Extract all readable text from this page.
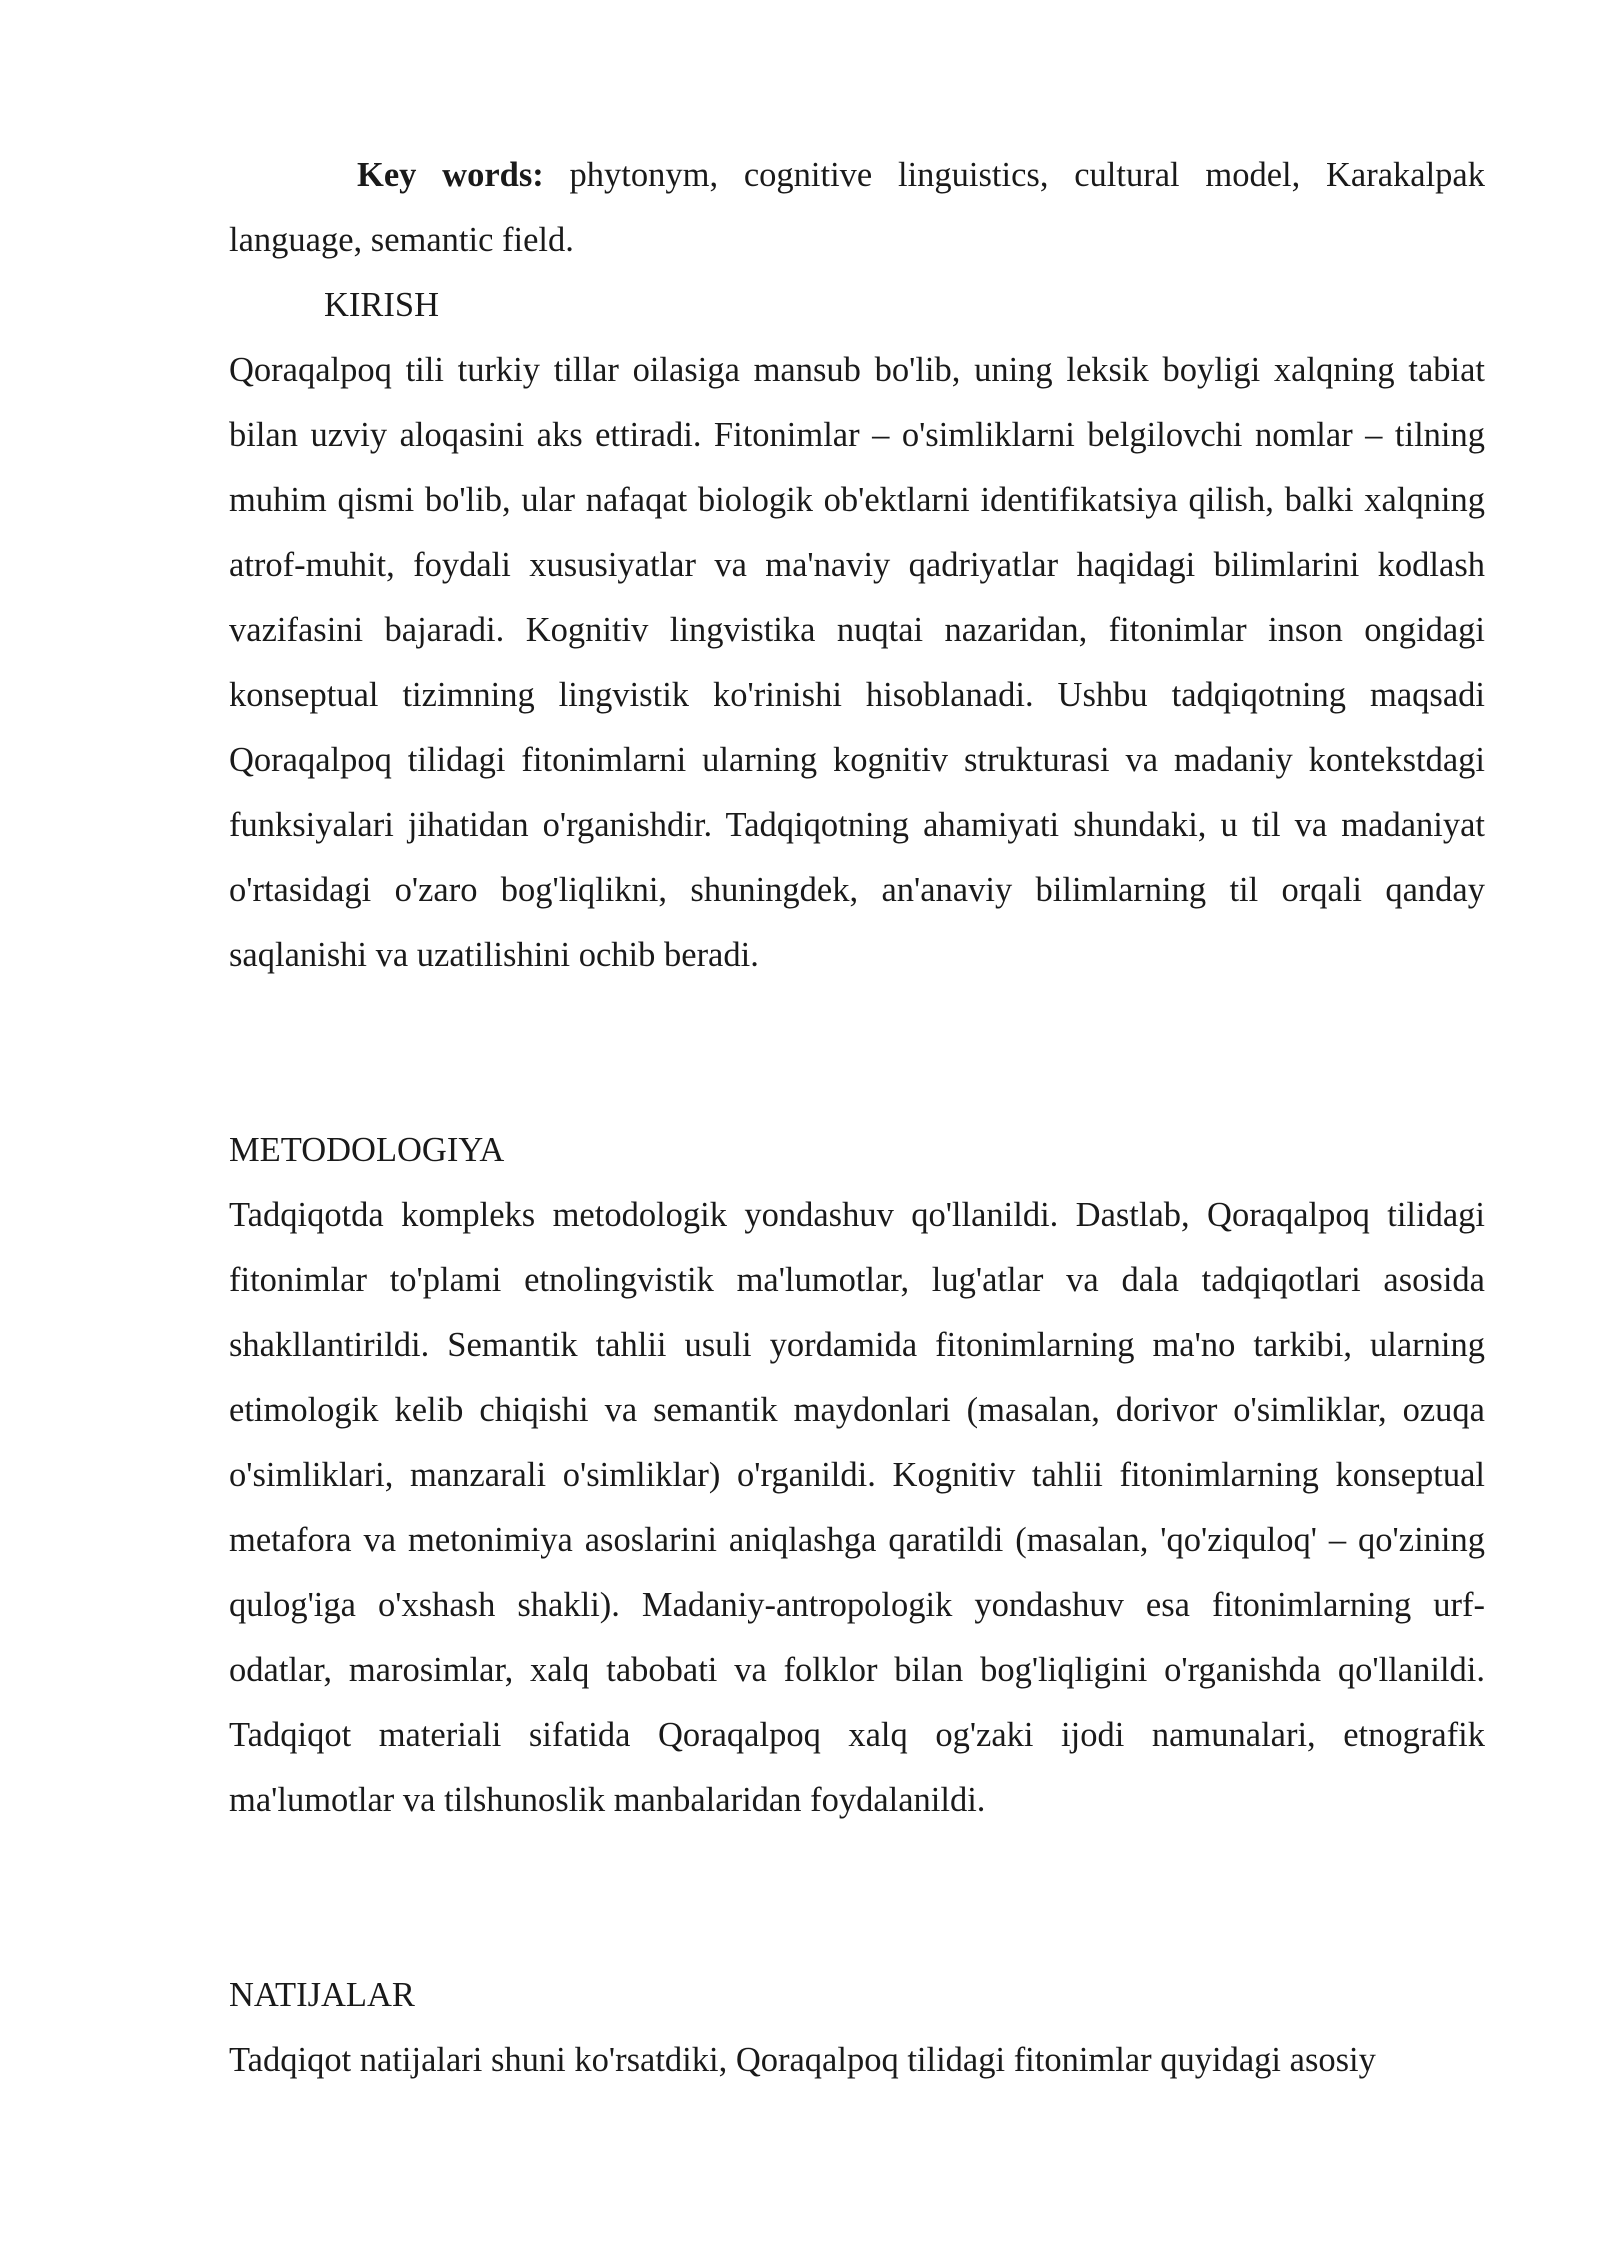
Key words: phytonym, cognitive linguistics, cultural model, Karakalpak language, semantic field.

KIRISH

Qoraqalpoq tili turkiy tillar oilasiga mansub bo'lib, uning leksik boyligi xalqning tabiat bilan uzviy aloqasini aks ettiradi. Fitonimlar – o'simliklarni belgilovchi nomlar – tilning muhim qismi bo'lib, ular nafaqat biologik ob'ektlarni identifikatsiya qilish, balki xalqning atrof-muhit, foydali xususiyatlar va ma'naviy qadriyatlar haqidagi bilimlarini kodlash vazifasini bajaradi. Kognitiv lingvistika nuqtai nazaridan, fitonimlar inson ongidagi konseptual tizimning lingvistik ko'rinishi hisoblanadi. Ushbu tadqiqotning maqsadi Qoraqalpoq tilidagi fitonimlarni ularning kognitiv strukturasi va madaniy kontekstdagi funksiyalari jihatidan o'rganishdir. Tadqiqotning ahamiyati shundaki, u til va madaniyat o'rtasidagi o'zaro bog'liqlikni, shuningdek, an'anaviy bilimlarning til orqali qanday saqlanishi va uzatilishini ochib beradi.

METODOLOGIYA

Tadqiqotda kompleks metodologik yondashuv qo'llanildi. Dastlab, Qoraqalpoq tilidagi fitonimlar to'plami etnolingvistik ma'lumotlar, lug'atlar va dala tadqiqotlari asosida shakllantirildi. Semantik tahlii usuli yordamida fitonimlarning ma'no tarkibi, ularning etimologik kelib chiqishi va semantik maydonlari (masalan, dorivor o'simliklar, ozuqa o'simliklari, manzarali o'simliklar) o'rganildi. Kognitiv tahlii fitonimlarning konseptual metafora va metonimiya asoslarini aniqlashga qaratildi (masalan, 'qo'ziquloq' – qo'zining qulog'iga o'xshash shakli). Madaniy-antropologik yondashuv esa fitonimlarning urf-odatlar, marosimlar, xalq tabobati va folklor bilan bog'liqligini o'rganishda qo'llanildi. Tadqiqot materiali sifatida Qoraqalpoq xalq og'zaki ijodi namunalari, etnografik ma'lumotlar va tilshunoslik manbalaridan foydalanildi.

NATIJALAR

Tadqiqot natijalari shuni ko'rsatdiki, Qoraqalpoq tilidagi fitonimlar quyidagi asosiy
